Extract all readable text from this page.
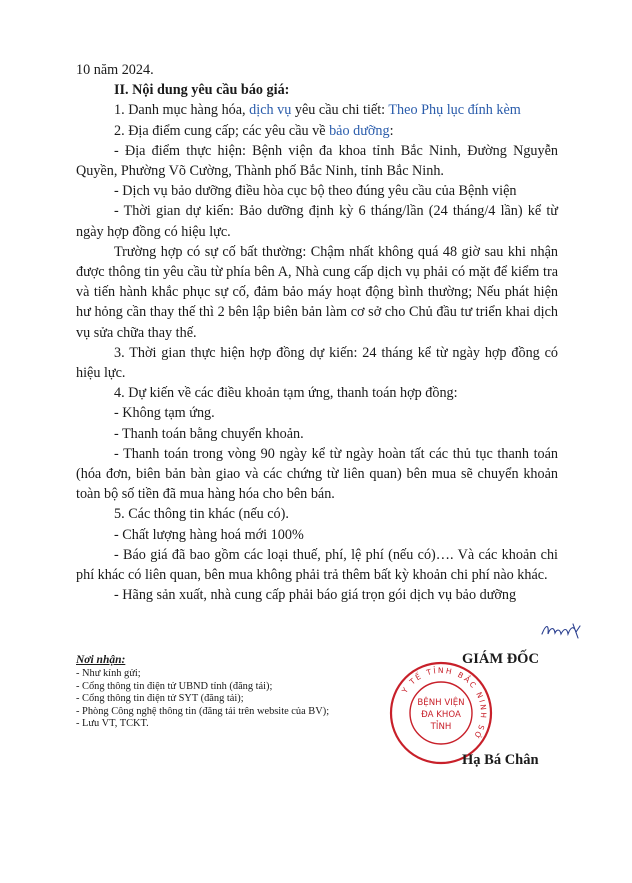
10 năm 2024.

II. Nội dung yêu cầu báo giá:

1. Danh mục hàng hóa, dịch vụ yêu cầu chi tiết: Theo Phụ lục đính kèm

2. Địa điểm cung cấp; các yêu cầu về bảo dưỡng:

- Địa điểm thực hiện: Bệnh viện đa khoa tỉnh Bắc Ninh, Đường Nguyễn Quyền, Phường Võ Cường, Thành phố Bắc Ninh, tỉnh Bắc Ninh.

- Dịch vụ bảo dưỡng điều hòa cục bộ theo đúng yêu cầu của Bệnh viện

- Thời gian dự kiến: Bảo dưỡng định kỳ 6 tháng/lần (24 tháng/4 lần) kể từ ngày hợp đồng có hiệu lực.

Trường hợp có sự cố bất thường: Chậm nhất không quá 48 giờ sau khi nhận được thông tin yêu cầu từ phía bên A, Nhà cung cấp dịch vụ phải có mặt để kiểm tra và tiến hành khắc phục sự cố, đảm bảo máy hoạt động bình thường; Nếu phát hiện hư hỏng cần thay thế thì 2 bên lập biên bản làm cơ sở cho Chủ đầu tư triển khai dịch vụ sửa chữa thay thế.

3. Thời gian thực hiện hợp đồng dự kiến: 24 tháng kể từ ngày hợp đồng có hiệu lực.

4. Dự kiến về các điều khoản tạm ứng, thanh toán hợp đồng:

- Không tạm ứng.

- Thanh toán bằng chuyển khoản.

- Thanh toán trong vòng 90 ngày kể từ ngày hoàn tất các thủ tục thanh toán (hóa đơn, biên bản bàn giao và các chứng từ liên quan) bên mua sẽ chuyển khoản toàn bộ số tiền đã mua hàng hóa cho bên bán.

5. Các thông tin khác (nếu có).

- Chất lượng hàng hoá mới 100%

- Báo giá đã bao gồm các loại thuế, phí, lệ phí (nếu có)…. Và các khoản chi phí khác có liên quan, bên mua không phải trả thêm bất kỳ khoản chi phí nào khác.

- Hãng sản xuất, nhà cung cấp phải báo giá trọn gói dịch vụ bảo dưỡng

Nơi nhận:
- Như kính gửi;
- Cổng thông tin điện tử UBND tỉnh (đăng tải);
- Cổng thông tin điện tử SYT (đăng tải);
- Phòng Công nghệ thông tin (đăng tải trên website của BV);
- Lưu VT, TCKT.
GIÁM ĐỐC
Y TẾ TỈNH BẮC NINH SỞ
BỆNH VIỆN
ĐA KHOA
TỈNH
Hạ Bá Chân
